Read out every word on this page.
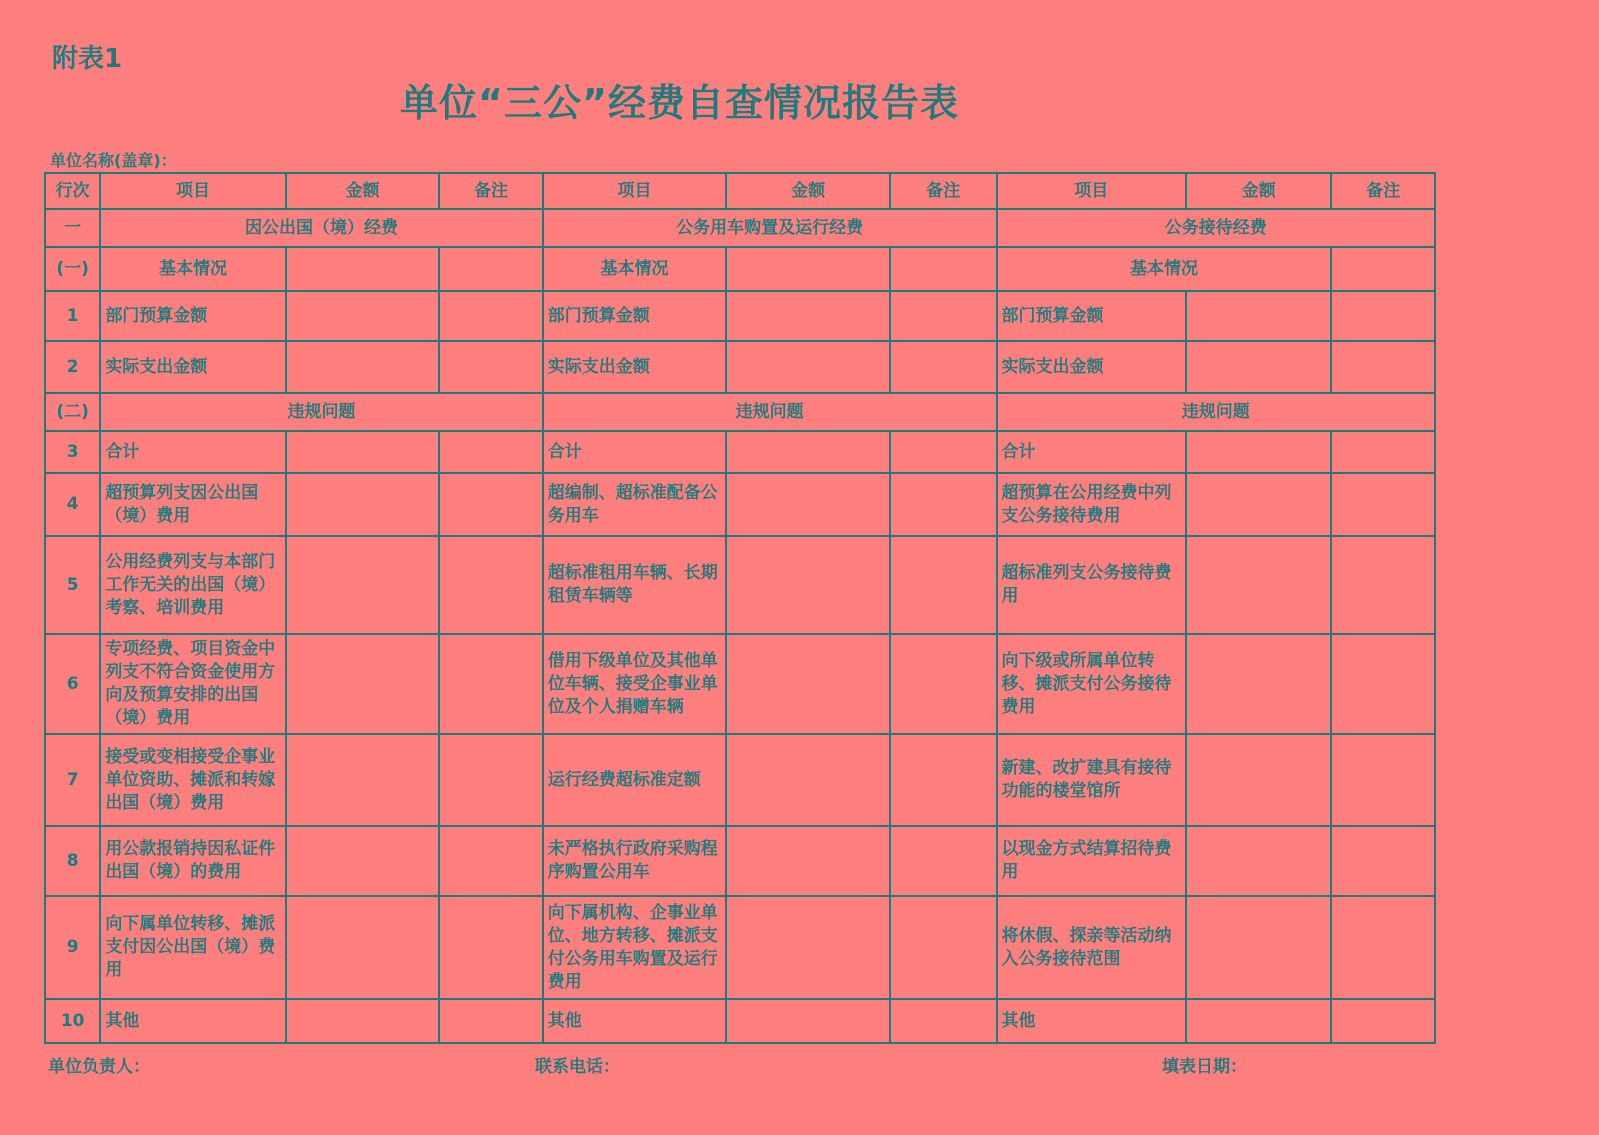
附表1
单位“三公”经费自查情况报告表
单位名称(盖章)：
行次	项目	金额	备注	项目	金额	备注	项目	金额	备注
一	因公出国（境）经费			公务用车购置及运行经费			公务接待经费		
(一)	基本情况			基本情况			基本情况		
1	部门预算金额			部门预算金额			部门预算金额		
2	实际支出金额			实际支出金额			实际支出金额		
(二)	违规问题			违规问题			违规问题		
3	合计			合计			合计		
4	超预算列支因公出国（境）费用			超编制、超标准配备公务用车			超预算在公用经费中列支公务接待费用		
5	公用经费列支与本部门工作无关的出国（境）考察、培训费用			超标准租用车辆、长期租赁车辆等			超标准列支公务接待费用		
6	专项经费、项目资金中列支不符合资金使用方向及预算安排的出国（境）费用			借用下级单位及其他单位车辆、接受企事业单位及个人捐赠车辆			向下级或所属单位转移、摊派支付公务接待费用		
7	接受或变相接受企事业单位资助、摊派和转嫁出国（境）费用			运行经费超标准定额			新建、改扩建具有接待功能的楼堂馆所		
8	用公款报销持因私证件出国（境）的费用			未严格执行政府采购程序购置公用车			以现金方式结算招待费用		
9	向下属单位转移、摊派支付因公出国（境）费用			向下属机构、企事业单位、地方转移、摊派支付公务用车购置及运行费用			将休假、探亲等活动纳入公务接待范围		
10	其他			其他			其他		
单位负责人：	联系电话：	填表日期：
